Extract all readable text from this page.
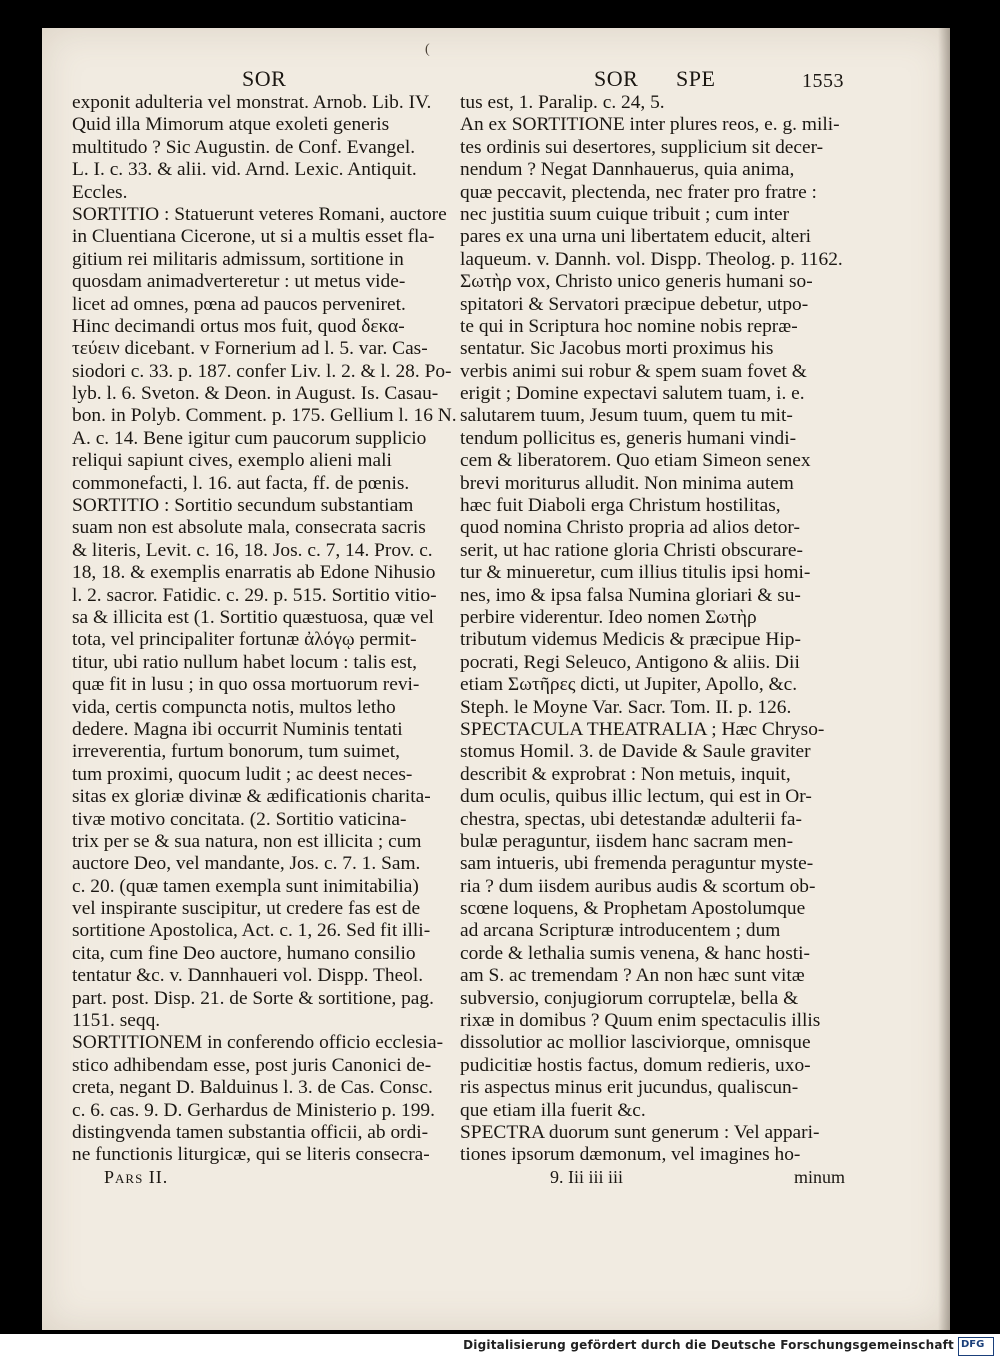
(
SOR	SOR SPE	1553
exponit adulteria vel monstrat. Arnob. Lib. IV.
Quid illa Mimorum atque exoleti generis
multitudo ? Sic Augustin. de Conf. Evangel.
L. I. c. 33. & alii. vid. Arnd. Lexic. Antiquit.
Eccles.
SORTITIO : Statuerunt veteres Romani, auctore
in Cluentiana Cicerone, ut si a multis esset fla-
gitium rei militaris admissum, sortitione in
quosdam animadverteretur : ut metus vide-
licet ad omnes, pœna ad paucos perveniret.
Hinc decimandi ortus mos fuit, quod δεκα-
τεύειν dicebant. v Fornerium ad l. 5. var. Cas-
siodori c. 33. p. 187. confer Liv. l. 2. & l. 28. Po-
lyb. l. 6. Sveton. & Deon. in August. Is. Casau-
bon. in Polyb. Comment. p. 175. Gellium l. 16 N.
A. c. 14. Bene igitur cum paucorum supplicio
reliqui sapiunt cives, exemplo alieni mali
commonefacti, l. 16. aut facta, ff. de pœnis.
SORTITIO : Sortitio secundum substantiam
suam non est absolute mala, consecrata sacris
& literis, Levit. c. 16, 18. Jos. c. 7, 14. Prov. c.
18, 18. & exemplis enarratis ab Edone Nihusio
l. 2. sacror. Fatidic. c. 29. p. 515. Sortitio vitio-
sa & illicita est (1. Sortitio quæstuosa, quæ vel
tota, vel principaliter fortunæ ἀλόγῳ permit-
titur, ubi ratio nullum habet locum : talis est,
quæ fit in lusu ; in quo ossa mortuorum revi-
vida, certis compuncta notis, multos letho
dedere. Magna ibi occurrit Numinis tentati
irreverentia, furtum bonorum, tum suimet,
tum proximi, quocum ludit ; ac deest neces-
sitas ex gloriæ divinæ & ædificationis charita-
tivæ motivo concitata. (2. Sortitio vaticina-
trix per se & sua natura, non est illicita ; cum
auctore Deo, vel mandante, Jos. c. 7. 1. Sam.
c. 20. (quæ tamen exempla sunt inimitabilia)
vel inspirante suscipitur, ut credere fas est de
sortitione Apostolica, Act. c. 1, 26. Sed fit illi-
cita, cum fine Deo auctore, humano consilio
tentatur &c. v. Dannhaueri vol. Dispp. Theol.
part. post. Disp. 21. de Sorte & sortitione, pag.
1151. seqq.
SORTITIONEM in conferendo officio ecclesia-
stico adhibendam esse, post juris Canonici de-
creta, negant D. Balduinus l. 3. de Cas. Consc.
c. 6. cas. 9. D. Gerhardus de Ministerio p. 199.
distingvenda tamen substantia officii, ab ordi-
ne functionis liturgicæ, qui se literis consecra-
tus est, 1. Paralip. c. 24, 5.
An ex SORTITIONE inter plures reos, e. g. mili-
tes ordinis sui desertores, supplicium sit decer-
nendum ? Negat Dannhauerus, quia anima,
quæ peccavit, plectenda, nec frater pro fratre :
nec justitia suum cuique tribuit ; cum inter
pares ex una urna uni libertatem educit, alteri
laqueum. v. Dannh. vol. Dispp. Theolog. p. 1162.
Σωτὴρ vox, Christo unico generis humani so-
spitatori & Servatori præcipue debetur, utpo-
te qui in Scriptura hoc nomine nobis repræ-
sentatur. Sic Jacobus morti proximus his
verbis animi sui robur & spem suam fovet &
erigit ; Domine expectavi salutem tuam, i. e.
salutarem tuum, Jesum tuum, quem tu mit-
tendum pollicitus es, generis humani vindi-
cem & liberatorem. Quo etiam Simeon senex
brevi moriturus alludit. Non minima autem
hæc fuit Diaboli erga Christum hostilitas,
quod nomina Christo propria ad alios detor-
serit, ut hac ratione gloria Christi obscurare-
tur & minueretur, cum illius titulis ipsi homi-
nes, imo & ipsa falsa Numina gloriari & su-
perbire viderentur. Ideo nomen Σωτὴρ
tributum videmus Medicis & præcipue Hip-
pocrati, Regi Seleuco, Antigono & aliis. Dii
etiam Σωτῆρες dicti, ut Jupiter, Apollo, &c.
Steph. le Moyne Var. Sacr. Tom. II. p. 126.
SPECTACULA THEATRALIA ; Hæc Chryso-
stomus Homil. 3. de Davide & Saule graviter
describit & exprobrat : Non metuis, inquit,
dum oculis, quibus illic lectum, qui est in Or-
chestra, spectas, ubi detestandæ adulterii fa-
bulæ peraguntur, iisdem hanc sacram men-
sam intueris, ubi fremenda peraguntur myste-
ria ? dum iisdem auribus audis & scortum ob-
scœne loquens, & Prophetam Apostolumque
ad arcana Scripturæ introducentem ; dum
corde & lethalia sumis venena, & hanc hosti-
am S. ac tremendam ? An non hæc sunt vitæ
subversio, conjugiorum corruptelæ, bella &
rixæ in domibus ? Quum enim spectaculis illis
dissolutior ac mollior lasciviorque, omnisque
pudicitiæ hostis factus, domum redieris, uxo-
ris aspectus minus erit jucundus, qualiscun-
que etiam illa fuerit &c.
SPECTRA duorum sunt generum : Vel appari-
tiones ipsorum dæmonum, vel imagines ho-
Pars II.	9. Iii iii iii	minum
Digitalisierung gefördert durch die Deutsche Forschungsgemeinschaft DFG
